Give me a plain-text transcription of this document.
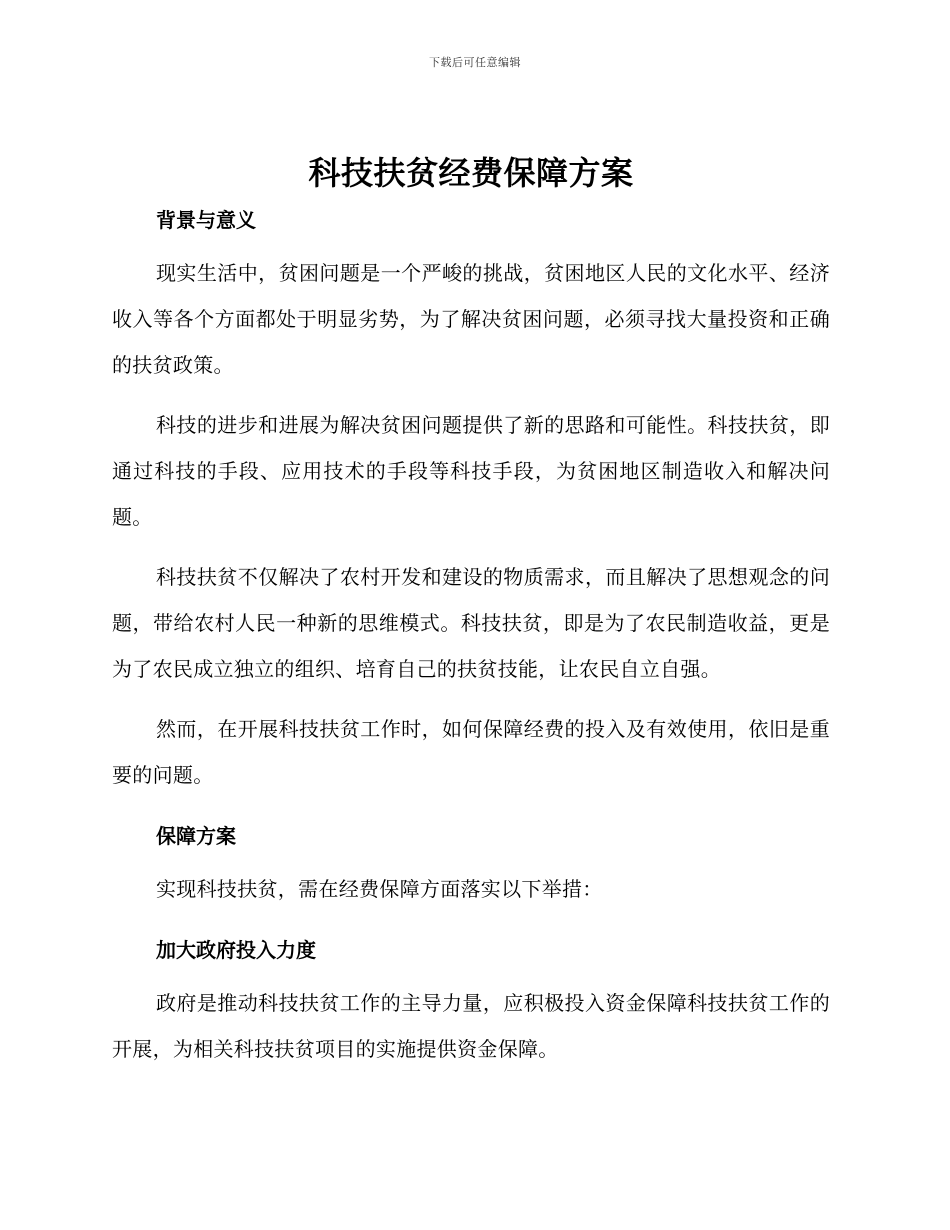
下载后可任意编辑
科技扶贫经费保障方案
背景与意义

现实生活中，贫困问题是一个严峻的挑战，贫困地区人民的文化水平、经济收入等各个方面都处于明显劣势，为了解决贫困问题，必须寻找大量投资和正确的扶贫政策。

科技的进步和进展为解决贫困问题提供了新的思路和可能性。科技扶贫，即通过科技的手段、应用技术的手段等科技手段，为贫困地区制造收入和解决问题。

科技扶贫不仅解决了农村开发和建设的物质需求，而且解决了思想观念的问题，带给农村人民一种新的思维模式。科技扶贫，即是为了农民制造收益，更是为了农民成立独立的组织、培育自己的扶贫技能，让农民自立自强。

然而，在开展科技扶贫工作时，如何保障经费的投入及有效使用，依旧是重要的问题。

保障方案

实现科技扶贫，需在经费保障方面落实以下举措：

加大政府投入力度

政府是推动科技扶贫工作的主导力量，应积极投入资金保障科技扶贫工作的开展，为相关科技扶贫项目的实施提供资金保障。
